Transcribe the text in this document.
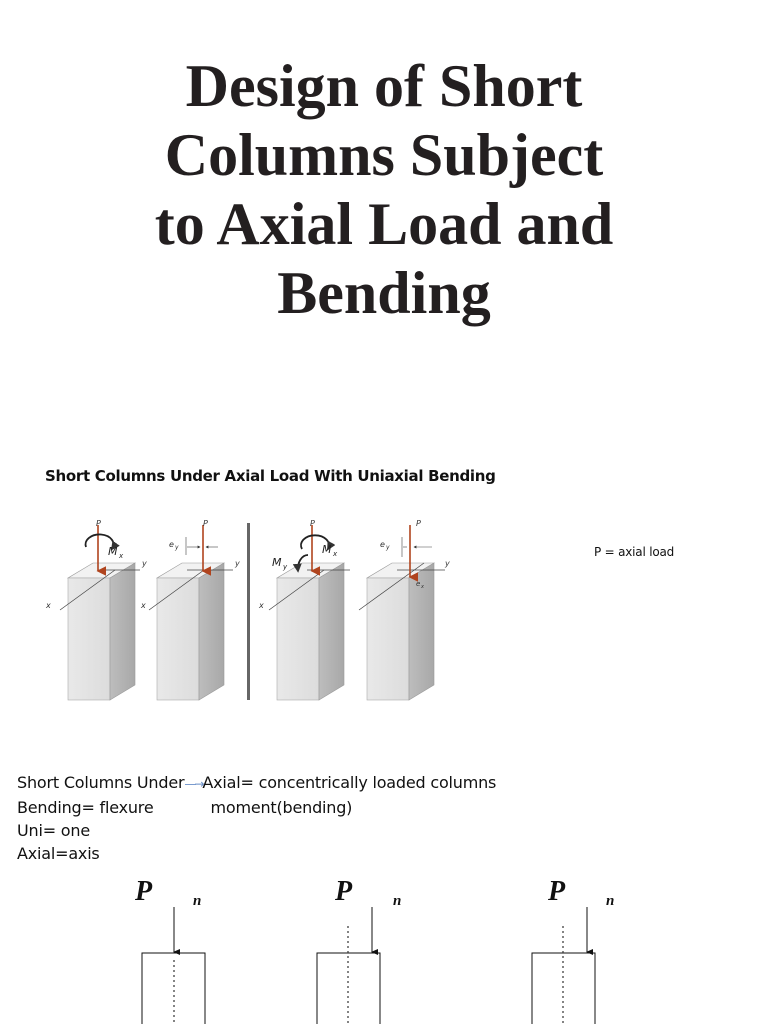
Design of Short
Columns Subject
to Axial Load and
Bending
Short Columns Under Axial Load With Uniaxial Bending
P
M x
x
y
P
e y
x
y
P
M x
M y
x
P
e y
e x
y
P = axial load
Short Columns Under—→Axial= concentrically loaded columns
Bending= flexure	moment(bending)
Uni= one
Axial=axis
P	n	P	n	P	n
